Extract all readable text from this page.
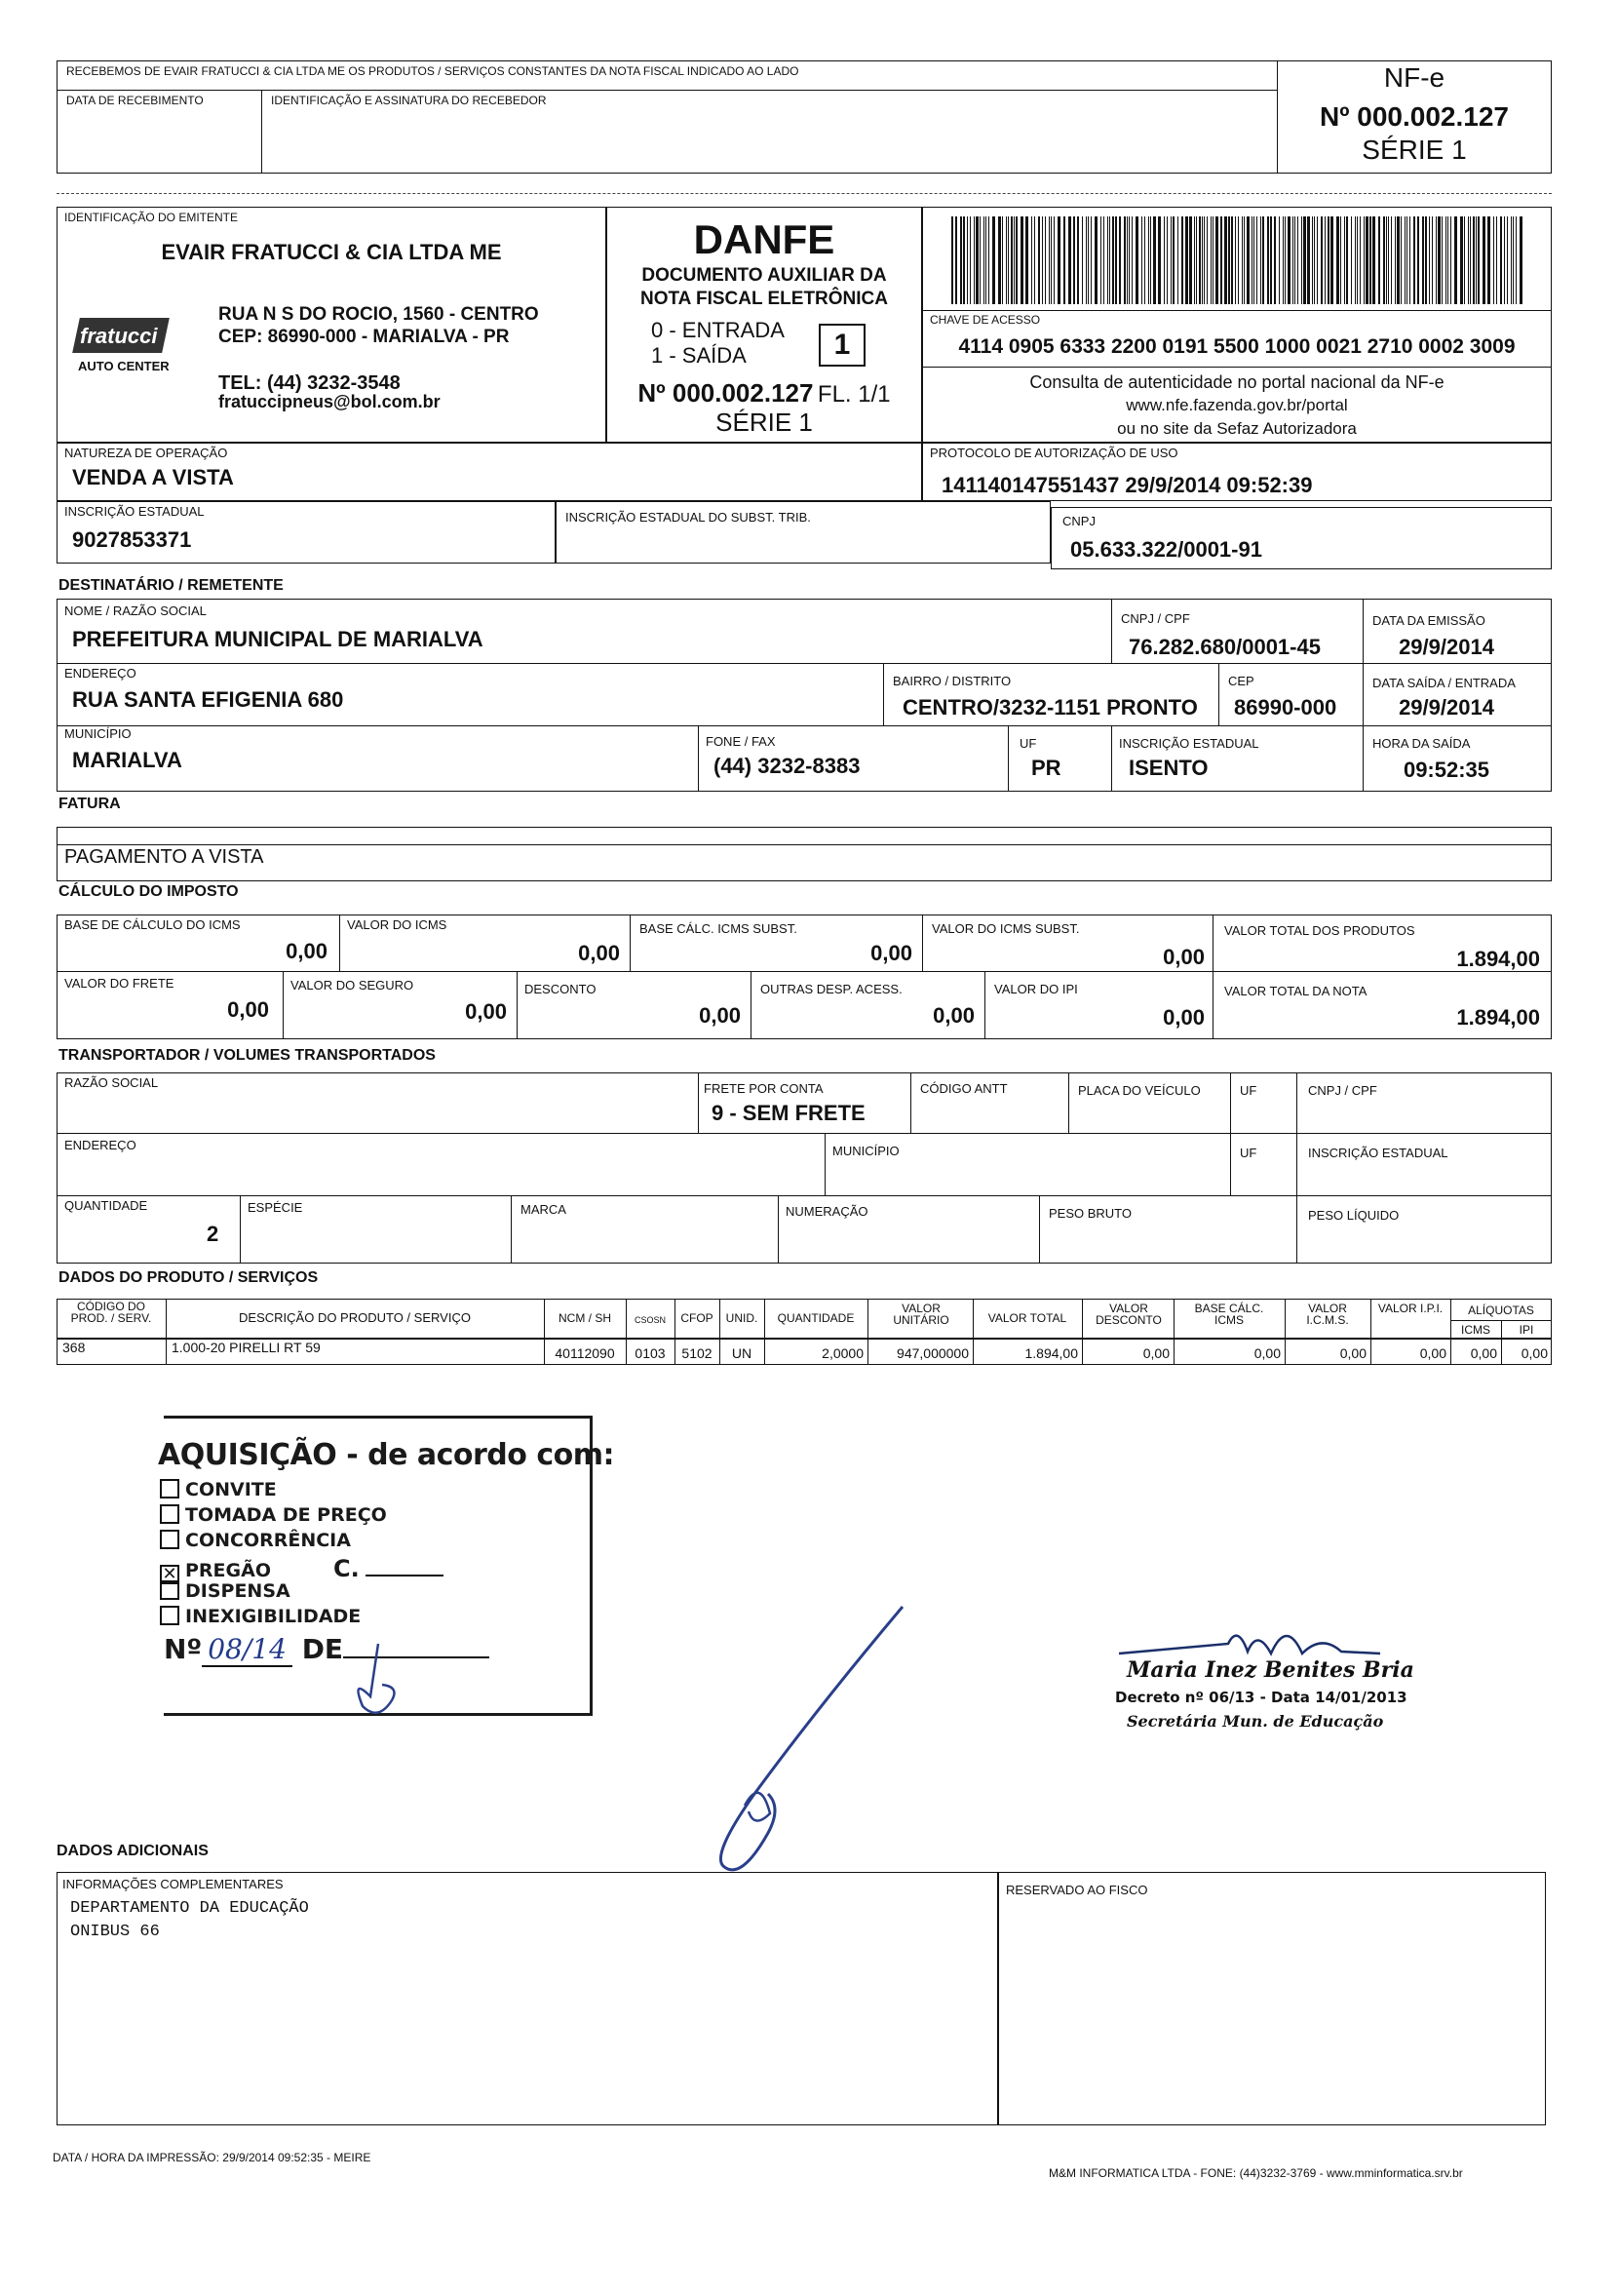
RECEBEMOS DE EVAIR FRATUCCI & CIA LTDA ME OS PRODUTOS / SERVIÇOS CONSTANTES DA NOTA FISCAL INDICADO AO LADO
DATA DE RECEBIMENTO	IDENTIFICAÇÃO E ASSINATURA DO RECEBEDOR
NF-e
Nº 000.002.127
SÉRIE 1
IDENTIFICAÇÃO DO EMITENTE
EVAIR FRATUCCI & CIA LTDA ME
fratucci
AUTO CENTER
RUA N S DO ROCIO, 1560 - CENTRO
CEP: 86990-000 - MARIALVA - PR
TEL: (44) 3232-3548
fratuccipneus@bol.com.br
DANFE
DOCUMENTO AUXILIAR DA
NOTA FISCAL ELETRÔNICA
0 - ENTRADA
1 - SAÍDA	1
Nº 000.002.127 FL. 1/1
SÉRIE 1
CHAVE DE ACESSO
4114 0905 6333 2200 0191 5500 1000 0021 2710 0002 3009
Consulta de autenticidade no portal nacional da NF-e
www.nfe.fazenda.gov.br/portal
ou no site da Sefaz Autorizadora
NATUREZA DE OPERAÇÃO
VENDA A VISTA
PROTOCOLO DE AUTORIZAÇÃO DE USO
141140147551437 29/9/2014 09:52:39
INSCRIÇÃO ESTADUAL
9027853371
INSCRIÇÃO ESTADUAL DO SUBST. TRIB.	CNPJ
05.633.322/0001-91
DESTINATÁRIO / REMETENTE
NOME / RAZÃO SOCIAL
PREFEITURA MUNICIPAL DE MARIALVA
CNPJ / CPF
76.282.680/0001-45
DATA DA EMISSÃO
29/9/2014
ENDEREÇO
RUA SANTA EFIGENIA 680
BAIRRO / DISTRITO
CENTRO/3232-1151 PRONTO
CEP
86990-000
DATA SAÍDA / ENTRADA
29/9/2014
MUNICÍPIO
MARIALVA
FONE / FAX
(44) 3232-8383
UF
PR
INSCRIÇÃO ESTADUAL
ISENTO
HORA DA SAÍDA
09:52:35
FATURA
PAGAMENTO A VISTA
CÁLCULO DO IMPOSTO
BASE DE CÁLCULO DO ICMS
0,00
VALOR DO ICMS
0,00
BASE CÁLC. ICMS SUBST.
0,00
VALOR DO ICMS SUBST.
0,00
VALOR TOTAL DOS PRODUTOS
1.894,00
VALOR DO FRETE
0,00
VALOR DO SEGURO
0,00
DESCONTO
0,00
OUTRAS DESP. ACESS.
0,00
VALOR DO IPI
0,00
VALOR TOTAL DA NOTA
1.894,00
TRANSPORTADOR / VOLUMES TRANSPORTADOS
RAZÃO SOCIAL	FRETE POR CONTA
9 - SEM FRETE
CÓDIGO ANTT	PLACA DO VEÍCULO	UF	CNPJ / CPF
ENDEREÇO	MUNICÍPIO	UF	INSCRIÇÃO ESTADUAL
QUANTIDADE
2
ESPÉCIE	MARCA	NUMERAÇÃO	PESO BRUTO	PESO LÍQUIDO
DADOS DO PRODUTO / SERVIÇOS
CÓDIGO DO PROD. / SERV.	DESCRIÇÃO DO PRODUTO / SERVIÇO	NCM / SH	CSOSN	CFOP	UNID.	QUANTIDADE
VALOR UNITÁRIO	VALOR TOTAL
VALOR DESCONTO
BASE CÁLC. ICMS
VALOR I.C.M.S.
VALOR I.P.I.	ALÍQUOTAS
ICMS	IPI
368	1.000-20 PIRELLI RT 59	40112090	0103	5102	UN	2,0000	947,000000	1.894,00	0,00	0,00	0,00	0,00	0,00	0,00
AQUISIÇÃO - de acordo com:
CONVITE
TOMADA DE PREÇO
CONCORRÊNCIA
✕ PREGÃO	C.
DISPENSA
INEXIGIBILIDADE
Nº 08/14 DE
Maria Inez Benites Bria
Decreto nº 06/13 - Data 14/01/2013
Secretária Mun. de Educação
DADOS ADICIONAIS
INFORMAÇÕES COMPLEMENTARES
DEPARTAMENTO DA EDUCAÇÃO
ONIBUS 66
RESERVADO AO FISCO
DATA / HORA DA IMPRESSÃO: 29/9/2014 09:52:35 - MEIRE
M&M INFORMATICA LTDA - FONE: (44)3232-3769 - www.mminformatica.srv.br
